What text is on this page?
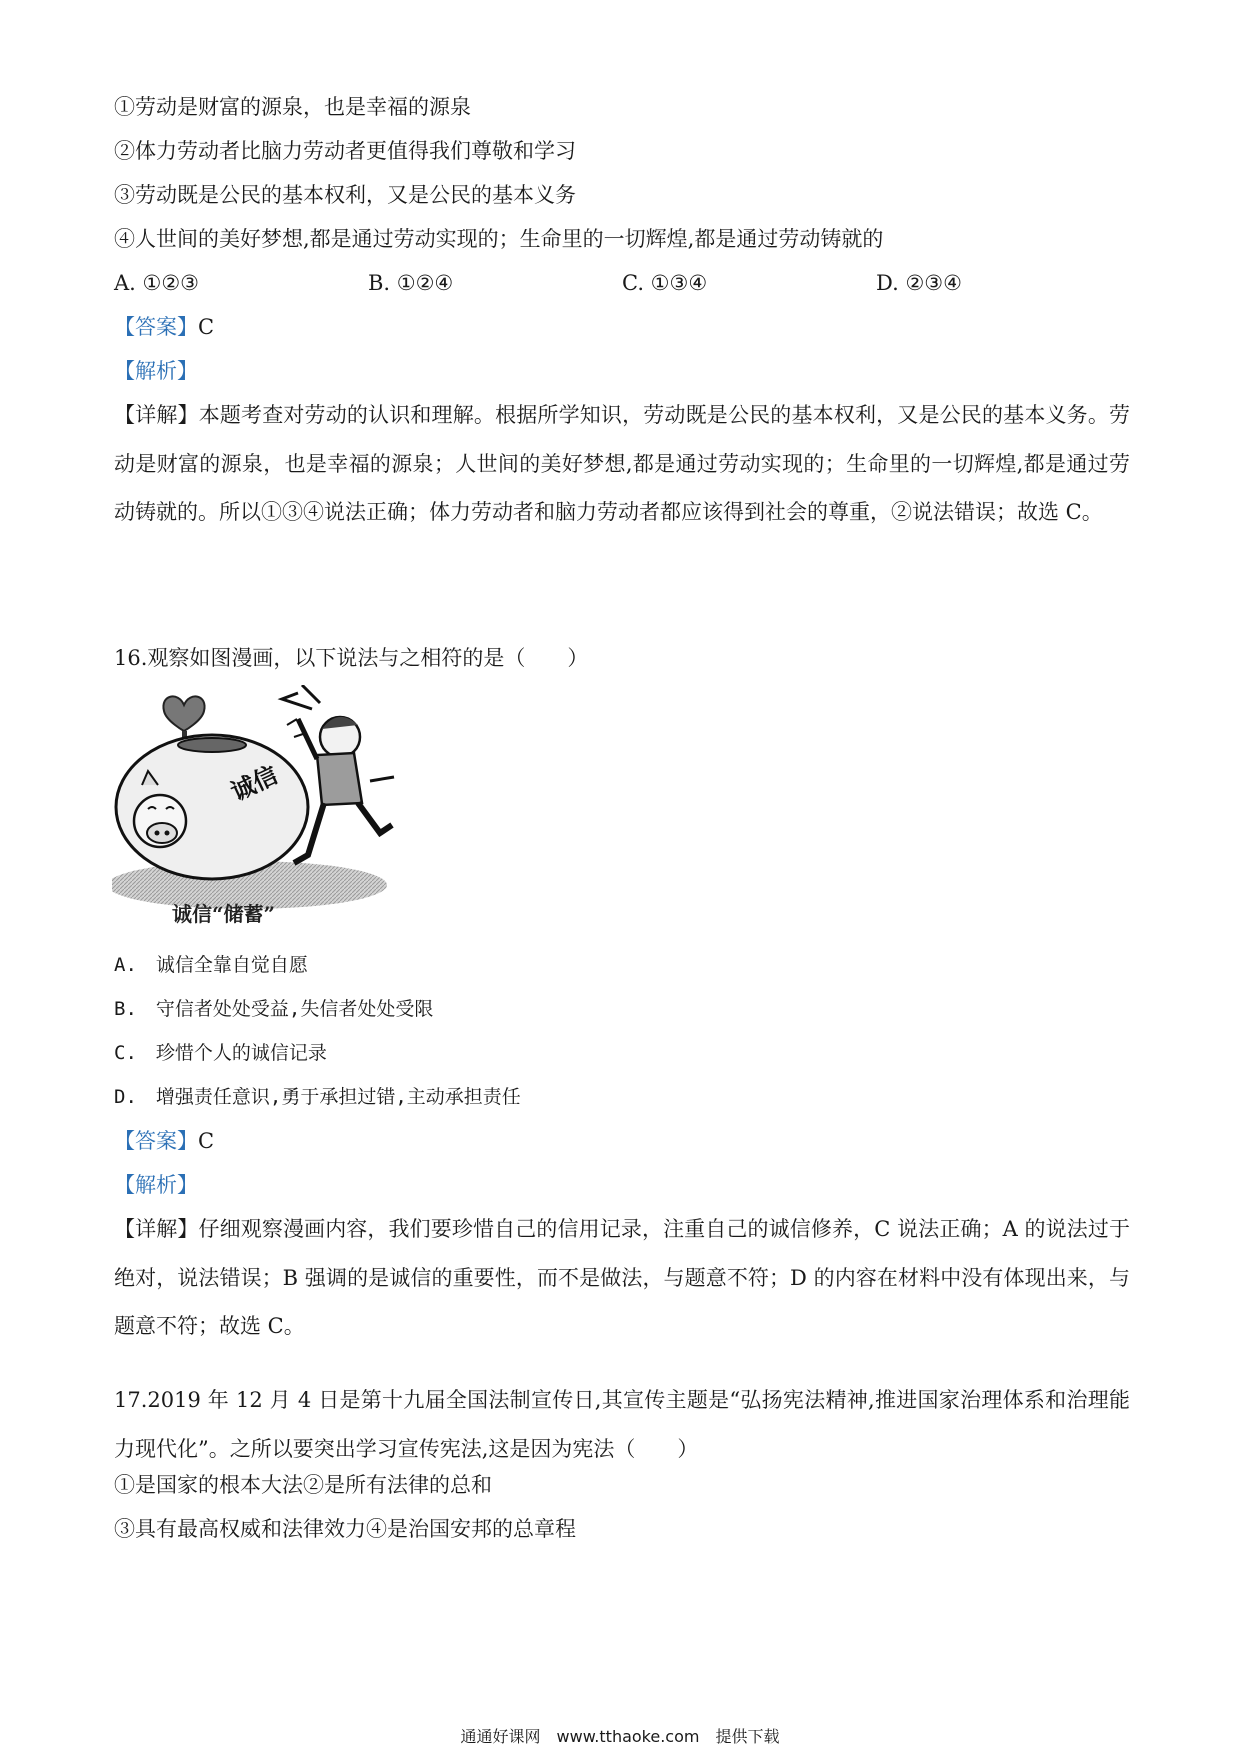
①劳动是财富的源泉，也是幸福的源泉
②体力劳动者比脑力劳动者更值得我们尊敬和学习
③劳动既是公民的基本权利，又是公民的基本义务
④人世间的美好梦想,都是通过劳动实现的；生命里的一切辉煌,都是通过劳动铸就的
A. ①②③	B. ①②④	C. ①③④	D. ②③④
【答案】C
【解析】
【详解】本题考查对劳动的认识和理解。根据所学知识，劳动既是公民的基本权利，又是公民的基本义务。劳动是财富的源泉，也是幸福的源泉；人世间的美好梦想,都是通过劳动实现的；生命里的一切辉煌,都是通过劳动铸就的。所以①③④说法正确；体力劳动者和脑力劳动者都应该得到社会的尊重，②说法错误；故选 C。
16.观察如图漫画，以下说法与之相符的是（　　）
诚信
诚信“储蓄”
A.　诚信全靠自觉自愿
B.　守信者处处受益,失信者处处受限
C.　珍惜个人的诚信记录
D.　增强责任意识,勇于承担过错,主动承担责任
【答案】C
【解析】
【详解】仔细观察漫画内容，我们要珍惜自己的信用记录，注重自己的诚信修养，C 说法正确；A 的说法过于绝对，说法错误；B 强调的是诚信的重要性，而不是做法，与题意不符；D 的内容在材料中没有体现出来，与题意不符；故选 C。
17.2019 年 12 月 4 日是第十九届全国法制宣传日,其宣传主题是“弘扬宪法精神,推进国家治理体系和治理能力现代化”。之所以要突出学习宣传宪法,这是因为宪法（　　）
①是国家的根本大法②是所有法律的总和
③具有最高权威和法律效力④是治国安邦的总章程
通通好课网　www.tthaoke.com　提供下载
